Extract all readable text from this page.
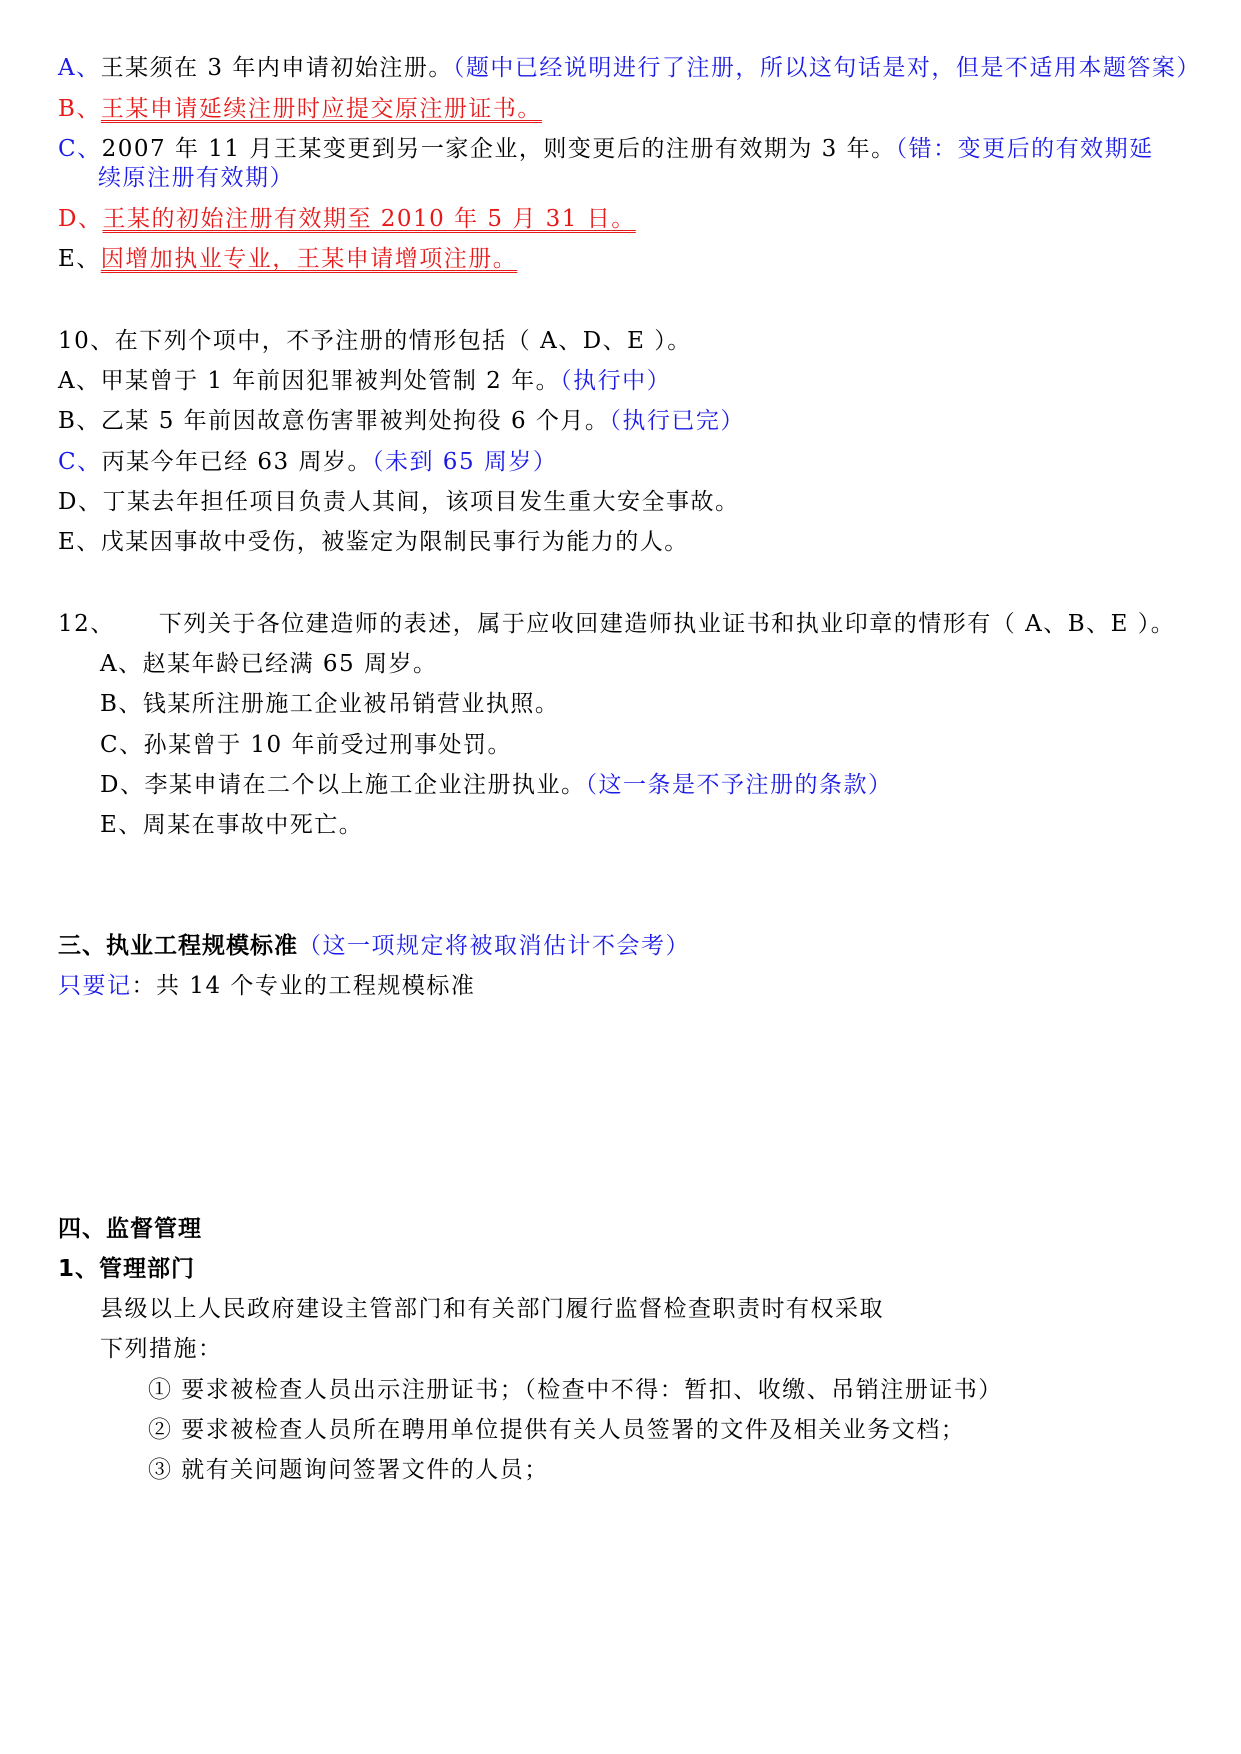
A、王某须在 3 年内申请初始注册。（题中已经说明进行了注册，所以这句话是对，但是不适用本题答案）
B、王某申请延续注册时应提交原注册证书。
C、2007 年 11 月王某变更到另一家企业，则变更后的注册有效期为 3 年。（错：变更后的有效期延
续原注册有效期）
D、王某的初始注册有效期至 2010 年 5 月 31 日。
E、因增加执业专业，王某申请增项注册。
10、在下列个项中，不予注册的情形包括（ A、D、E ）。
A、甲某曾于 1 年前因犯罪被判处管制 2 年。（执行中）
B、乙某 5 年前因故意伤害罪被判处拘役 6 个月。（执行已完）
C、丙某今年已经 63 周岁。（未到 65 周岁）
D、丁某去年担任项目负责人其间，该项目发生重大安全事故。
E、戊某因事故中受伤，被鉴定为限制民事行为能力的人。
12、 下列关于各位建造师的表述，属于应收回建造师执业证书和执业印章的情形有（ A、B、E ）。
A、赵某年龄已经满 65 周岁。
B、钱某所注册施工企业被吊销营业执照。
C、孙某曾于 10 年前受过刑事处罚。
D、李某申请在二个以上施工企业注册执业。（这一条是不予注册的条款）
E、周某在事故中死亡。
三、执业工程规模标准（这一项规定将被取消估计不会考）
只要记：共 14 个专业的工程规模标准
四、监督管理
1、管理部门
县级以上人民政府建设主管部门和有关部门履行监督检查职责时有权采取
下列措施：
① 要求被检查人员出示注册证书；（检查中不得：暂扣、收缴、吊销注册证书）
② 要求被检查人员所在聘用单位提供有关人员签署的文件及相关业务文档；
③ 就有关问题询问签署文件的人员；
